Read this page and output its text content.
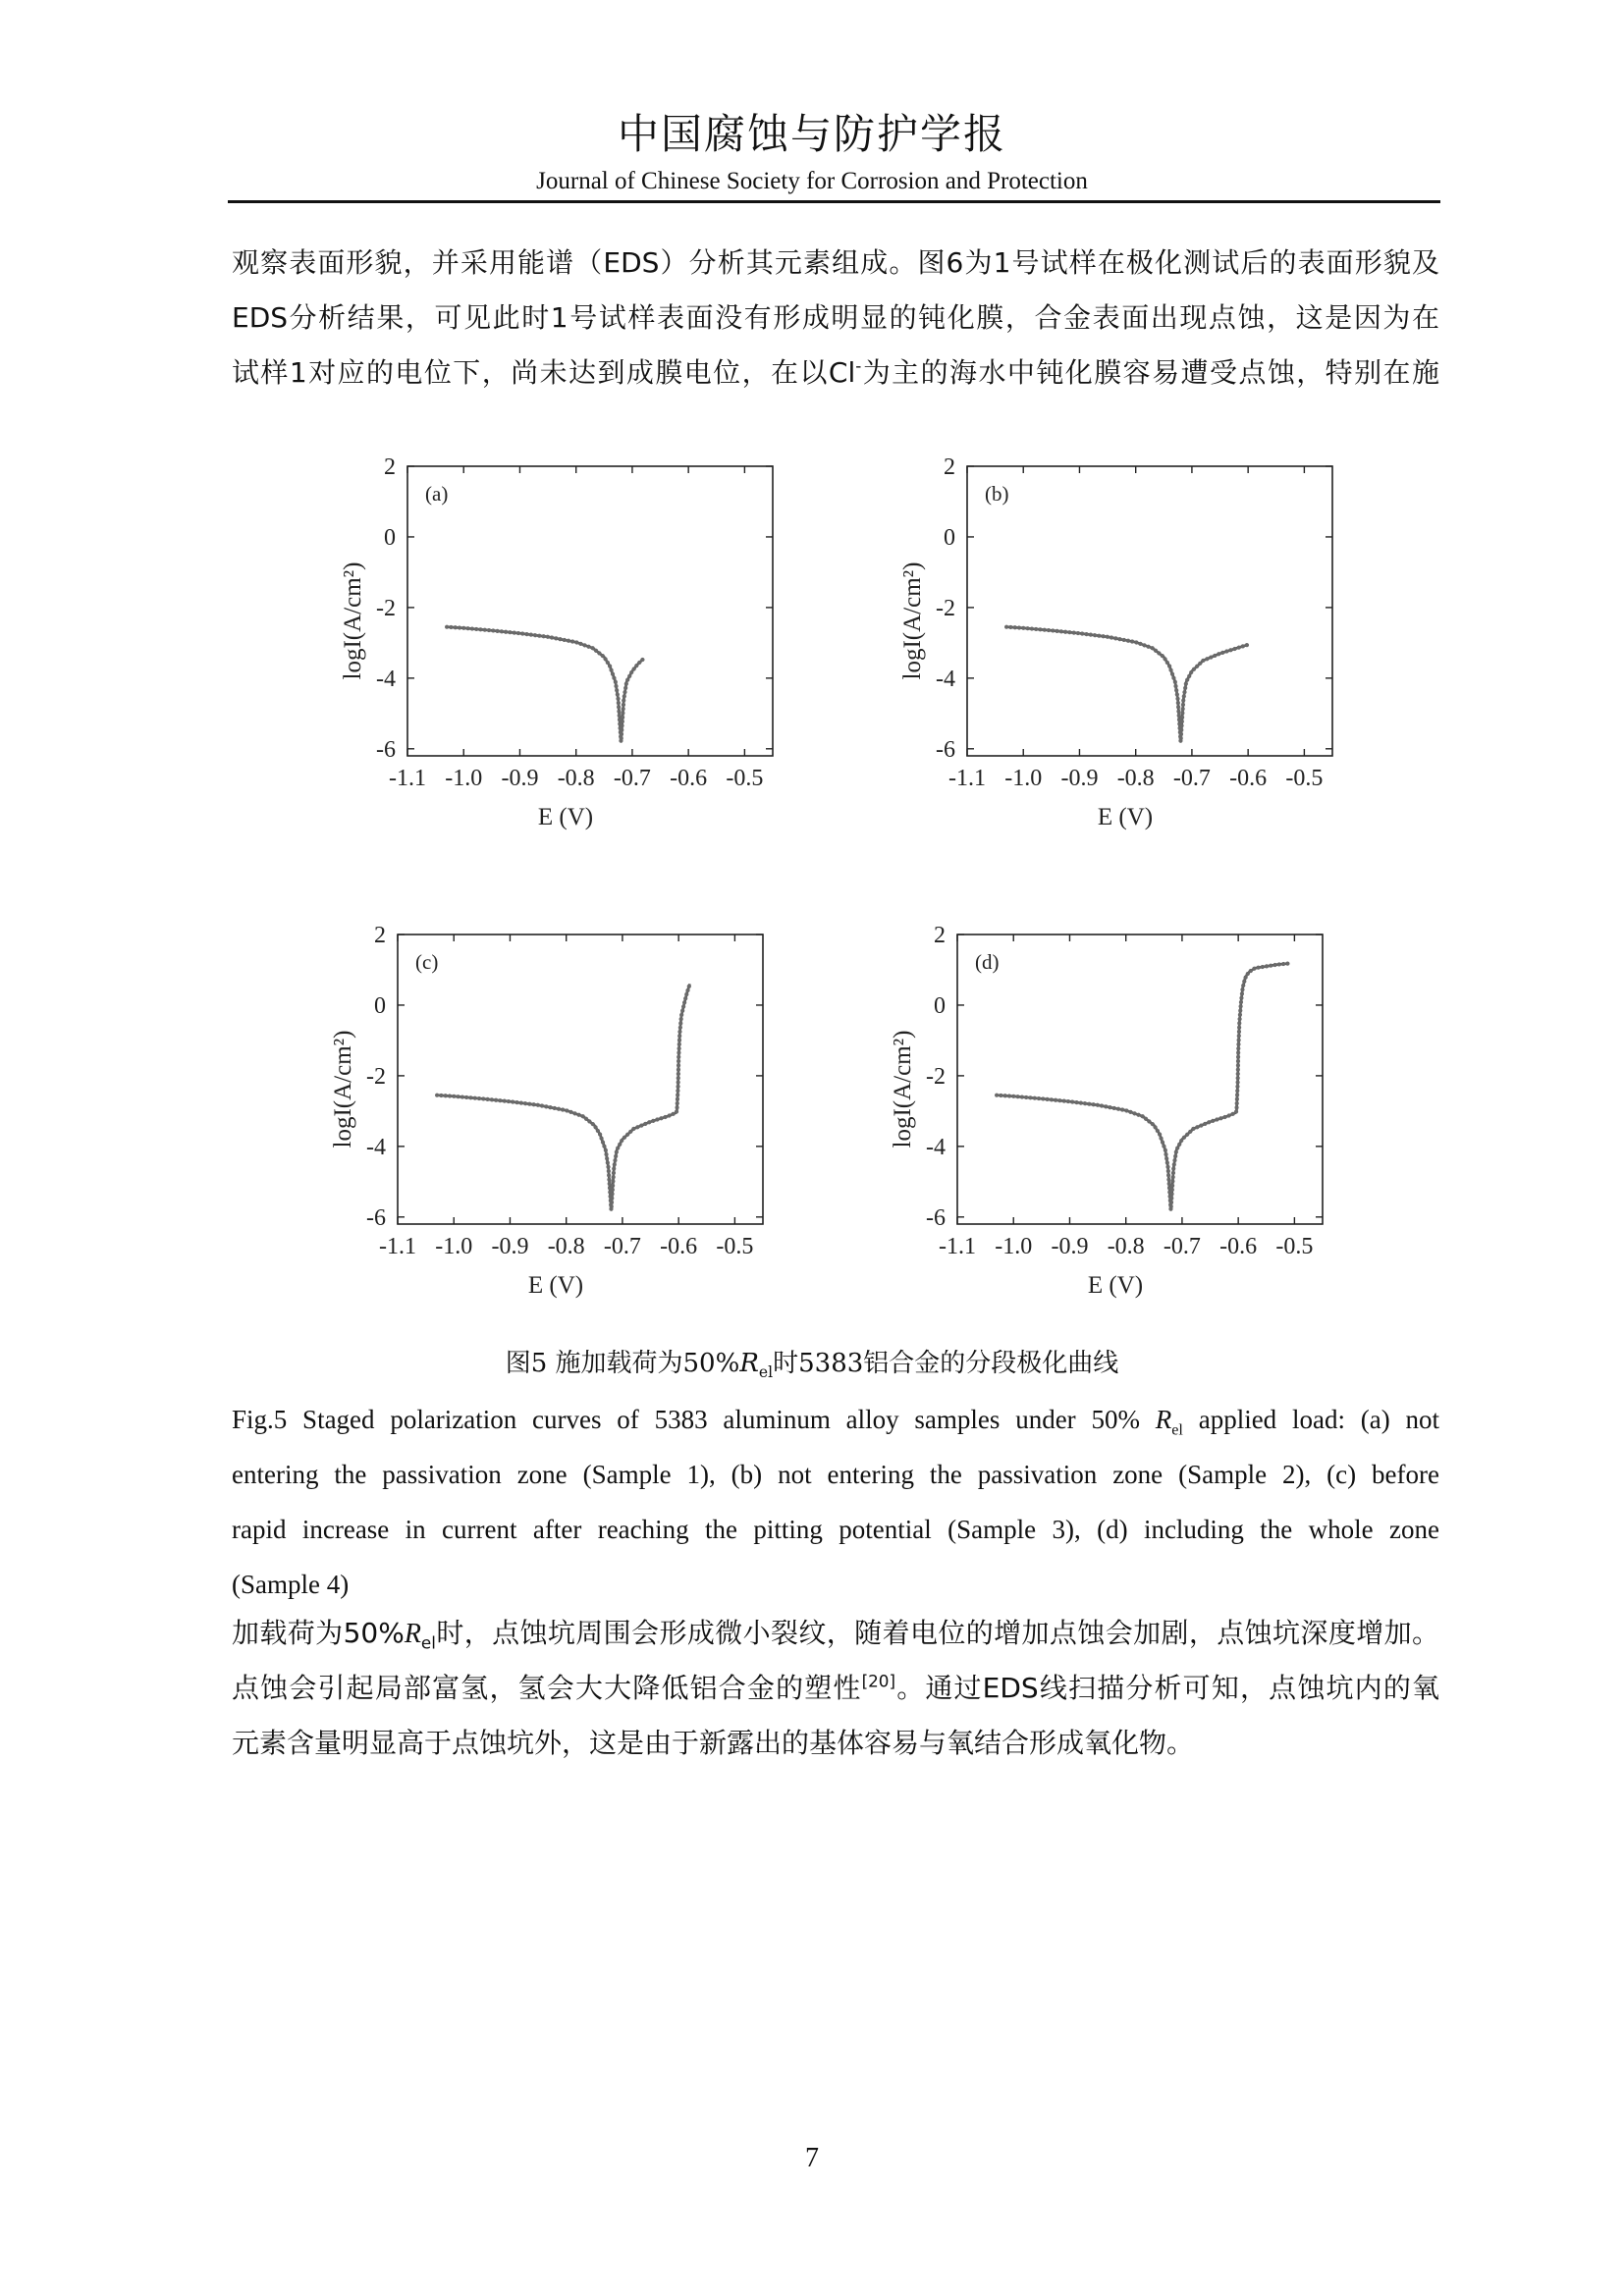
中国腐蚀与防护学报
Journal of Chinese Society for Corrosion and Protection
观察表面形貌，并采用能谱（EDS）分析其元素组成。图6为1号试样在极化测试后的表面形貌及
EDS分析结果，可见此时1号试样表面没有形成明显的钝化膜，合金表面出现点蚀，这是因为在
试样1对应的电位下，尚未达到成膜电位，在以Cl-为主的海水中钝化膜容易遭受点蚀，特别在施
-1.1 -1.0 -0.9 -0.8 -0.7 -0.6 -0.5
2
0
-2
-4
-6
E (V)
logI(A/cm²)
(a)
-1.1 -1.0 -0.9 -0.8 -0.7 -0.6 -0.5
2
0
-2
-4
-6
E (V)
logI(A/cm²)
(b)
-1.1 -1.0 -0.9 -0.8 -0.7 -0.6 -0.5
2
0
-2
-4
-6
E (V)
logI(A/cm²)
(c)
-1.1 -1.0 -0.9 -0.8 -0.7 -0.6 -0.5
2
0
-2
-4
-6
E (V)
logI(A/cm²)
(d)
图5 施加载荷为$50\%R_{el}$时5383铝合金的分段极化曲线
Fig.5 Staged polarization curves of 5383 aluminum alloy samples under 50% $R_{el}$ applied load: (a) not
entering the passivation zone (Sample 1), (b) not entering the passivation zone (Sample 2), (c) before
rapid increase in current after reaching the pitting potential (Sample 3), (d) including the whole zone
(Sample 4)
加载荷为$50\%R_{el}$时，点蚀坑周围会形成微小裂纹，随着电位的增加点蚀会加剧，点蚀坑深度增加。
点蚀会引起局部富氢，氢会大大降低铝合金的塑性[20]。通过EDS线扫描分析可知，点蚀坑内的氧
元素含量明显高于点蚀坑外，这是由于新露出的基体容易与氧结合形成氧化物。
7
